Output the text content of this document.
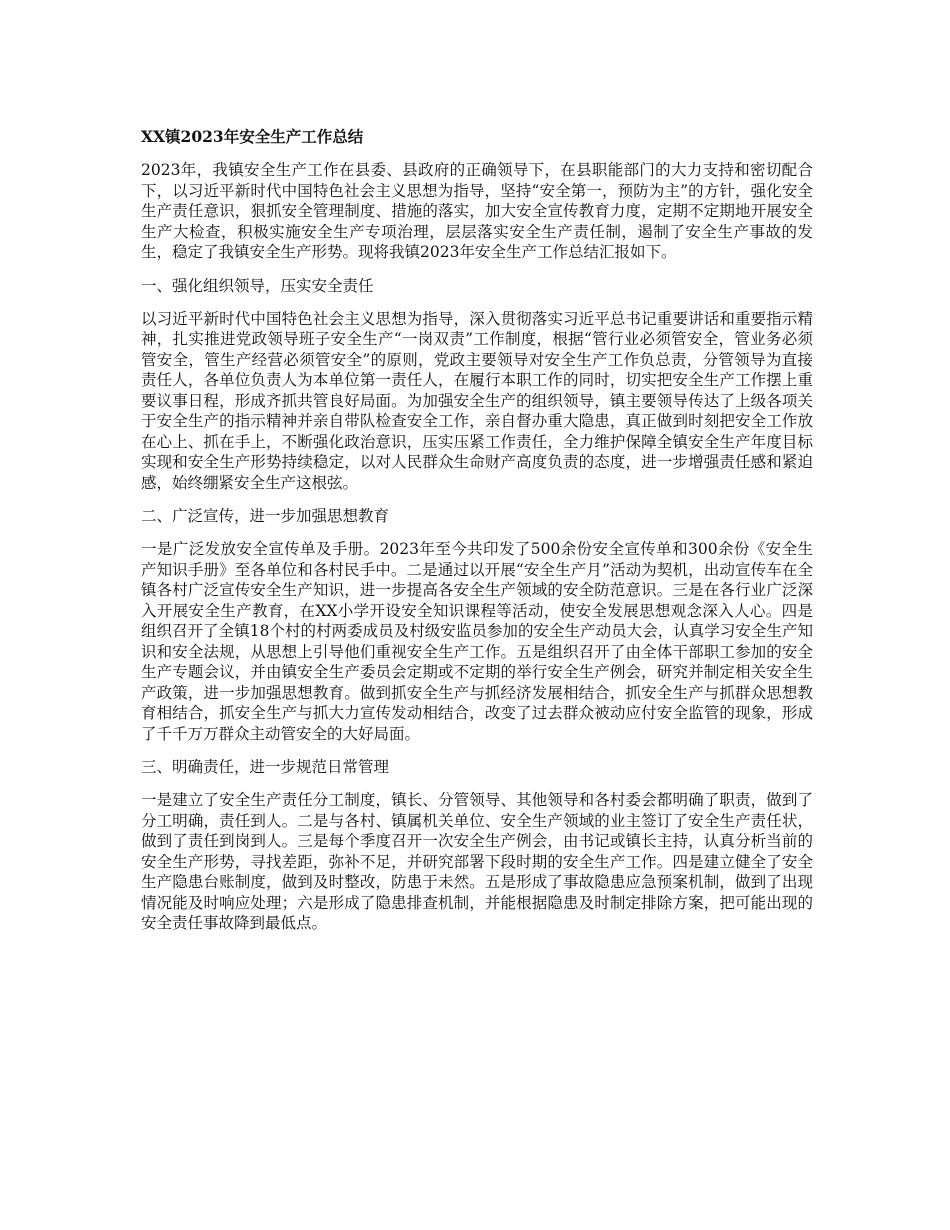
XX镇2023年安全生产工作总结
2023年，我镇安全生产工作在县委、县政府的正确领导下，在县职能部门的大力支持和密切配合下，以习近平新时代中国特色社会主义思想为指导，坚持“安全第一，预防为主”的方针，强化安全生产责任意识，狠抓安全管理制度、措施的落实，加大安全宣传教育力度，定期不定期地开展安全生产大检查，积极实施安全生产专项治理，层层落实安全生产责任制，遏制了安全生产事故的发生，稳定了我镇安全生产形势。现将我镇2023年安全生产工作总结汇报如下。
一、强化组织领导，压实安全责任
以习近平新时代中国特色社会主义思想为指导，深入贯彻落实习近平总书记重要讲话和重要指示精神，扎实推进党政领导班子安全生产“一岗双责”工作制度，根据“管行业必须管安全，管业务必须管安全，管生产经营必须管安全”的原则，党政主要领导对安全生产工作负总责，分管领导为直接责任人，各单位负责人为本单位第一责任人，在履行本职工作的同时，切实把安全生产工作摆上重要议事日程，形成齐抓共管良好局面。为加强安全生产的组织领导，镇主要领导传达了上级各项关于安全生产的指示精神并亲自带队检查安全工作，亲自督办重大隐患，真正做到时刻把安全工作放在心上、抓在手上，不断强化政治意识，压实压紧工作责任，全力维护保障全镇安全生产年度目标实现和安全生产形势持续稳定，以对人民群众生命财产高度负责的态度，进一步增强责任感和紧迫感，始终绷紧安全生产这根弦。
二、广泛宣传，进一步加强思想教育
一是广泛发放安全宣传单及手册。2023年至今共印发了500余份安全宣传单和300余份《安全生产知识手册》至各单位和各村民手中。二是通过以开展“安全生产月”活动为契机，出动宣传车在全镇各村广泛宣传安全生产知识，进一步提高各安全生产领域的安全防范意识。三是在各行业广泛深入开展安全生产教育，在XX小学开设安全知识课程等活动，使安全发展思想观念深入人心。四是组织召开了全镇18个村的村两委成员及村级安监员参加的安全生产动员大会，认真学习安全生产知识和安全法规，从思想上引导他们重视安全生产工作。五是组织召开了由全体干部职工参加的安全生产专题会议，并由镇安全生产委员会定期或不定期的举行安全生产例会，研究并制定相关安全生产政策，进一步加强思想教育。做到抓安全生产与抓经济发展相结合，抓安全生产与抓群众思想教育相结合，抓安全生产与抓大力宣传发动相结合，改变了过去群众被动应付安全监管的现象，形成了千千万万群众主动管安全的大好局面。
三、明确责任，进一步规范日常管理
一是建立了安全生产责任分工制度，镇长、分管领导、其他领导和各村委会都明确了职责，做到了分工明确，责任到人。二是与各村、镇属机关单位、安全生产领域的业主签订了安全生产责任状，做到了责任到岗到人。三是每个季度召开一次安全生产例会，由书记或镇长主持，认真分析当前的安全生产形势，寻找差距，弥补不足，并研究部署下段时期的安全生产工作。四是建立健全了安全生产隐患台账制度，做到及时整改，防患于未然。五是形成了事故隐患应急预案机制，做到了出现情况能及时响应处理；六是形成了隐患排查机制，并能根据隐患及时制定排除方案，把可能出现的安全责任事故降到最低点。
